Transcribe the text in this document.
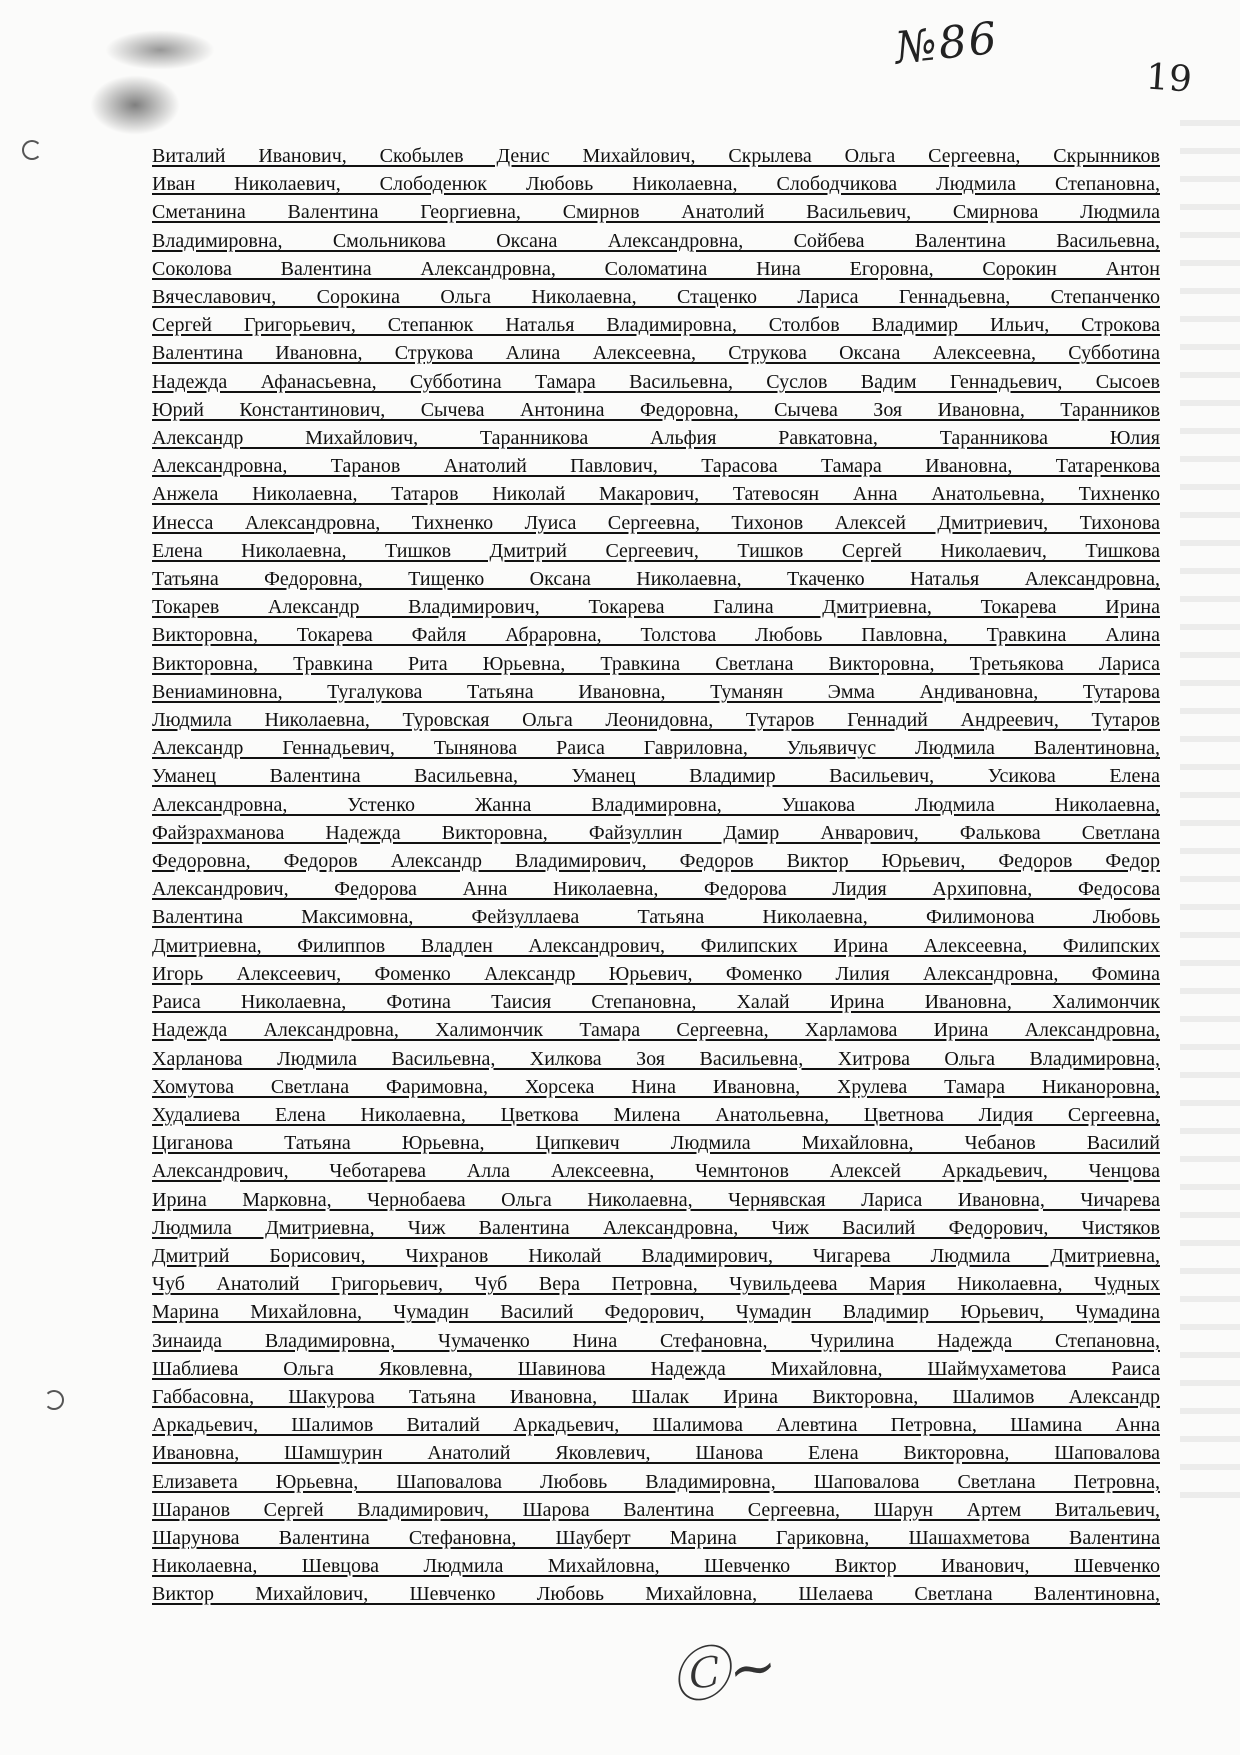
№86
19
Виталий Иванович, Скобылев Денис Михайлович, Скрылева Ольга Сергеевна, Скрынников
Иван Николаевич, Слободенюк Любовь Николаевна, Слободчикова Людмила Степановна,
Сметанина Валентина Георгиевна, Смирнов Анатолий Васильевич, Смирнова Людмила
Владимировна, Смольникова Оксана Александровна, Сойбева Валентина Васильевна,
Соколова Валентина Александровна, Соломатина Нина Егоровна, Сорокин Антон
Вячеславович, Сорокина Ольга Николаевна, Стаценко Лариса Геннадьевна, Степанченко
Сергей Григорьевич, Степанюк Наталья Владимировна, Столбов Владимир Ильич, Строкова
Валентина Ивановна, Струкова Алина Алексеевна, Струкова Оксана Алексеевна, Субботина
Надежда Афанасьевна, Субботина Тамара Васильевна, Суслов Вадим Геннадьевич, Сысоев
Юрий Константинович, Сычева Антонина Федоровна, Сычева Зоя Ивановна, Таранников
Александр Михайлович, Таранникова Альфия Равкатовна, Таранникова Юлия
Александровна, Таранов Анатолий Павлович, Тарасова Тамара Ивановна, Татаренкова
Анжела Николаевна, Татаров Николай Макарович, Татевосян Анна Анатольевна, Тихненко
Инесса Александровна, Тихненко Луиса Сергеевна, Тихонов Алексей Дмитриевич, Тихонова
Елена Николаевна, Тишков Дмитрий Сергеевич, Тишков Сергей Николаевич, Тишкова
Татьяна Федоровна, Тищенко Оксана Николаевна, Ткаченко Наталья Александровна,
Токарев Александр Владимирович, Токарева Галина Дмитриевна, Токарева Ирина
Викторовна, Токарева Файля Абраровна, Толстова Любовь Павловна, Травкина Алина
Викторовна, Травкина Рита Юрьевна, Травкина Светлана Викторовна, Третьякова Лариса
Вениаминовна, Тугалукова Татьяна Ивановна, Туманян Эмма Андивановна, Тутарова
Людмила Николаевна, Туровская Ольга Леонидовна, Тутаров Геннадий Андреевич, Тутаров
Александр Геннадьевич, Тынянова Раиса Гавриловна, Ульявичус Людмила Валентиновна,
Уманец Валентина Васильевна, Уманец Владимир Васильевич, Усикова Елена
Александровна, Устенко Жанна Владимировна, Ушакова Людмила Николаевна,
Файзрахманова Надежда Викторовна, Файзуллин Дамир Анварович, Фалькова Светлана
Федоровна, Федоров Александр Владимирович, Федоров Виктор Юрьевич, Федоров Федор
Александрович, Федорова Анна Николаевна, Федорова Лидия Архиповна, Федосова
Валентина Максимовна, Фейзуллаева Татьяна Николаевна, Филимонова Любовь
Дмитриевна, Филиппов Владлен Александрович, Филипских Ирина Алексеевна, Филипских
Игорь Алексеевич, Фоменко Александр Юрьевич, Фоменко Лилия Александровна, Фомина
Раиса Николаевна, Фотина Таисия Степановна, Халай Ирина Ивановна, Халимончик
Надежда Александровна, Халимончик Тамара Сергеевна, Харламова Ирина Александровна,
Харланова Людмила Васильевна, Хилкова Зоя Васильевна, Хитрова Ольга Владимировна,
Хомутова Светлана Фаримовна, Хорсека Нина Ивановна, Хрулева Тамара Никаноровна,
Худалиева Елена Николаевна, Цветкова Милена Анатольевна, Цветнова Лидия Сергеевна,
Циганова Татьяна Юрьевна, Ципкевич Людмила Михайловна, Чебанов Василий
Александрович, Чеботарева Алла Алексеевна, Чемнтонов Алексей Аркадьевич, Ченцова
Ирина Марковна, Чернобаева Ольга Николаевна, Чернявская Лариса Ивановна, Чичарева
Людмила Дмитриевна, Чиж Валентина Александровна, Чиж Василий Федорович, Чистяков
Дмитрий Борисович, Чихранов Николай Владимирович, Чигарева Людмила Дмитриевна,
Чуб Анатолий Григорьевич, Чуб Вера Петровна, Чувильдеева Мария Николаевна, Чудных
Марина Михайловна, Чумадин Василий Федорович, Чумадин Владимир Юрьевич, Чумадина
Зинаида Владимировна, Чумаченко Нина Стефановна, Чурилина Надежда Степановна,
Шаблиева Ольга Яковлевна, Шавинова Надежда Михайловна, Шаймухаметова Раиса
Габбасовна, Шакурова Татьяна Ивановна, Шалак Ирина Викторовна, Шалимов Александр
Аркадьевич, Шалимов Виталий Аркадьевич, Шалимова Алевтина Петровна, Шамина Анна
Ивановна, Шамшурин Анатолий Яковлевич, Шанова Елена Викторовна, Шаповалова
Елизавета Юрьевна, Шаповалова Любовь Владимировна, Шаповалова Светлана Петровна,
Шаранов Сергей Владимирович, Шарова Валентина Сергеевна, Шарун Артем Витальевич,
Шарунова Валентина Стефановна, Шауберт Марина Гариковна, Шашахметова Валентина
Николаевна, Шевцова Людмила Михайловна, Шевченко Виктор Иванович, Шевченко
Виктор Михайлович, Шевченко Любовь Михайловна, Шелаева Светлана Валентиновна,
Ⓒ~
